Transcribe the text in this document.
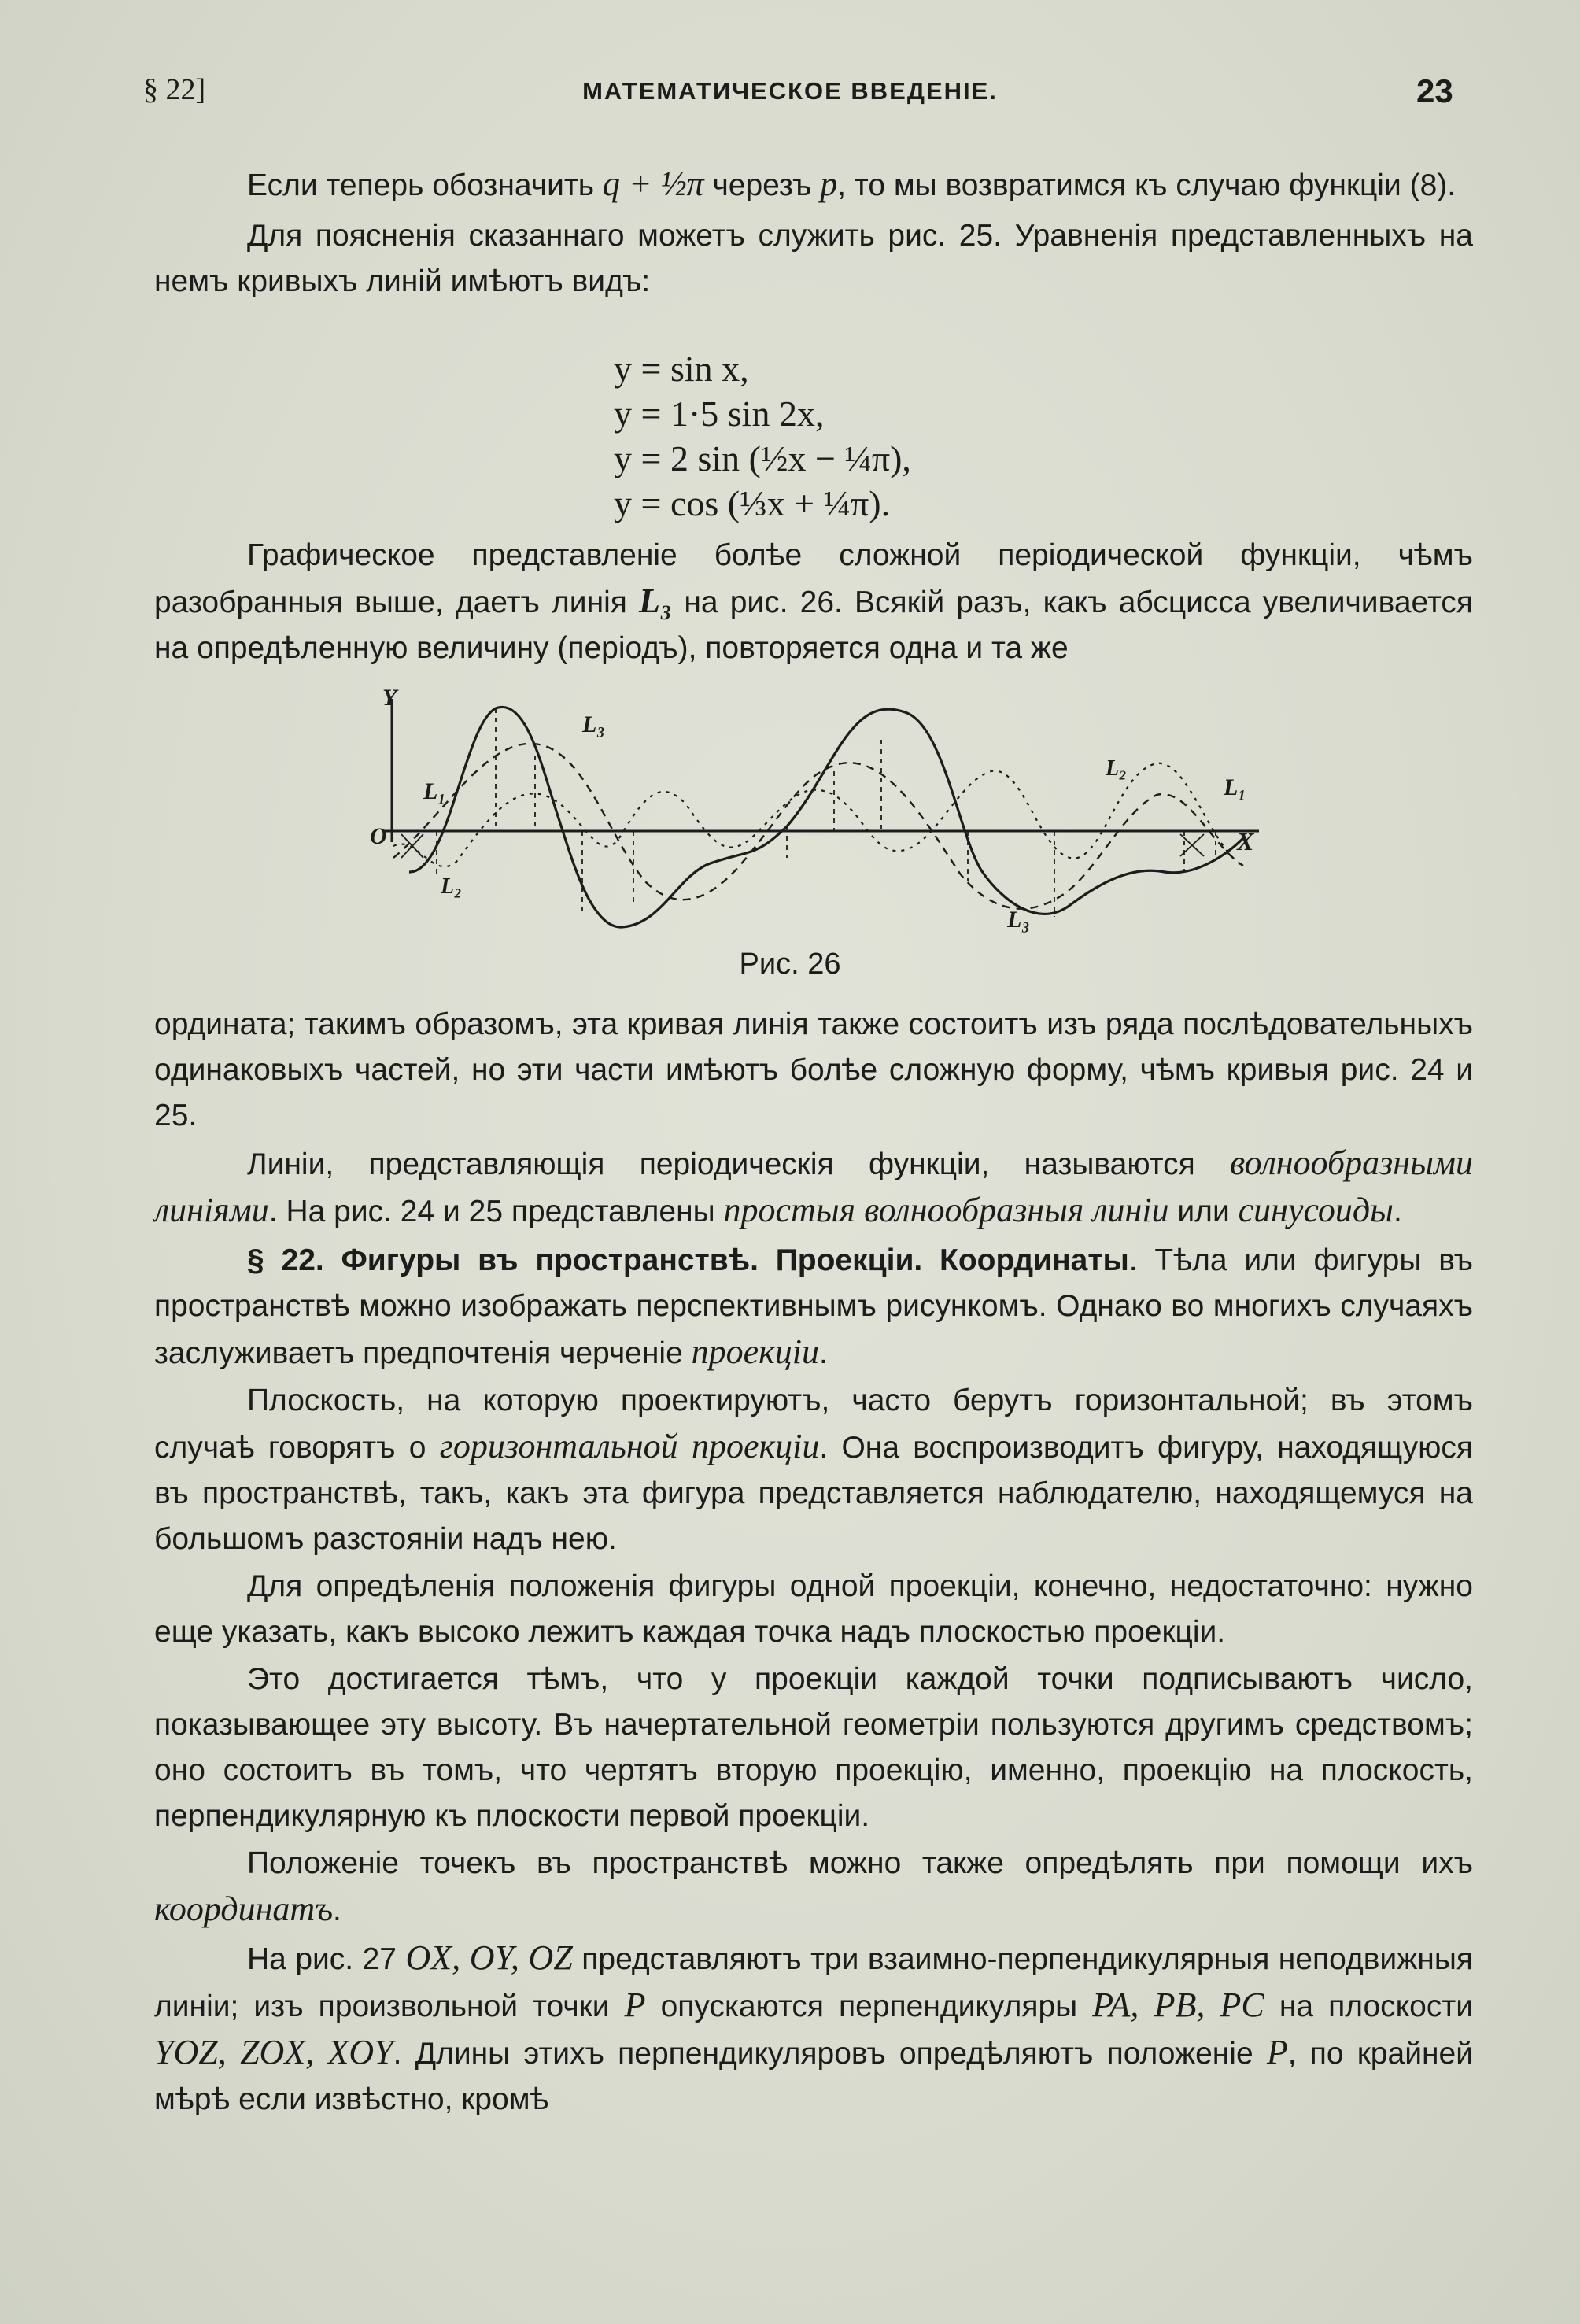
§ 22]	МАТЕМАТИЧЕСКОЕ ВВЕДЕНІЕ.	23

Если теперь обозначить q + ½π черезъ p, то мы возвратимся къ случаю функціи (8).

Для поясненія сказаннаго можетъ служить рис. 25. Уравненія представленныхъ на немъ кривыхъ линій имѣютъ видъ:

y = sin x,
y = 1·5 sin 2x,
y = 2 sin (½x − ¼π),
y = cos (⅓x + ¼π).

Графическое представленіе болѣе сложной періодической функціи, чѣмъ разобранныя выше, даетъ линія L₃ на рис. 26. Всякій разъ, какъ абсцисса увеличивается на опредѣленную величину (періодъ), повторяется одна и та же

Y
O	X
L₁	L₁
L₂
L₂
L₃
L₃
Рис. 26

ордината; такимъ образомъ, эта кривая линія также состоитъ изъ ряда послѣдовательныхъ одинаковыхъ частей, но эти части имѣютъ болѣе сложную форму, чѣмъ кривыя рис. 24 и 25.

Линіи, представляющія періодическія функціи, называются волнообразными линіями. На рис. 24 и 25 представлены простыя волнообразныя линіи или синусоиды.

§ 22. Фигуры въ пространствѣ. Проекціи. Координаты. Тѣла или фигуры въ пространствѣ можно изображать перспективнымъ рисункомъ. Однако во многихъ случаяхъ заслуживаетъ предпочтенія черченіе проекціи.

Плоскость, на которую проектируютъ, часто берутъ горизонтальной; въ этомъ случаѣ говорятъ о горизонтальной проекціи. Она воспроизводитъ фигуру, находящуюся въ пространствѣ, такъ, какъ эта фигура представляется наблюдателю, находящемуся на большомъ разстояніи надъ нею.

Для опредѣленія положенія фигуры одной проекціи, конечно, недостаточно: нужно еще указать, какъ высоко лежитъ каждая точка надъ плоскостью проекціи.

Это достигается тѣмъ, что у проекціи каждой точки подписываютъ число, показывающее эту высоту. Въ начертательной геометріи пользуются другимъ средствомъ; оно состоитъ въ томъ, что чертятъ вторую проекцію, именно, проекцію на плоскость, перпендикулярную къ плоскости первой проекціи.

Положеніе точекъ въ пространствѣ можно также опредѣлять при помощи ихъ координатъ.

На рис. 27 OX, OY, OZ представляютъ три взаимно-перпендикулярныя неподвижныя линіи; изъ произвольной точки P опускаются перпендикуляры PA, PB, PC на плоскости YOZ, ZOX, XOY. Длины этихъ перпендикуляровъ опредѣляютъ положеніе P, по крайней мѣрѣ если извѣстно, кромѣ
